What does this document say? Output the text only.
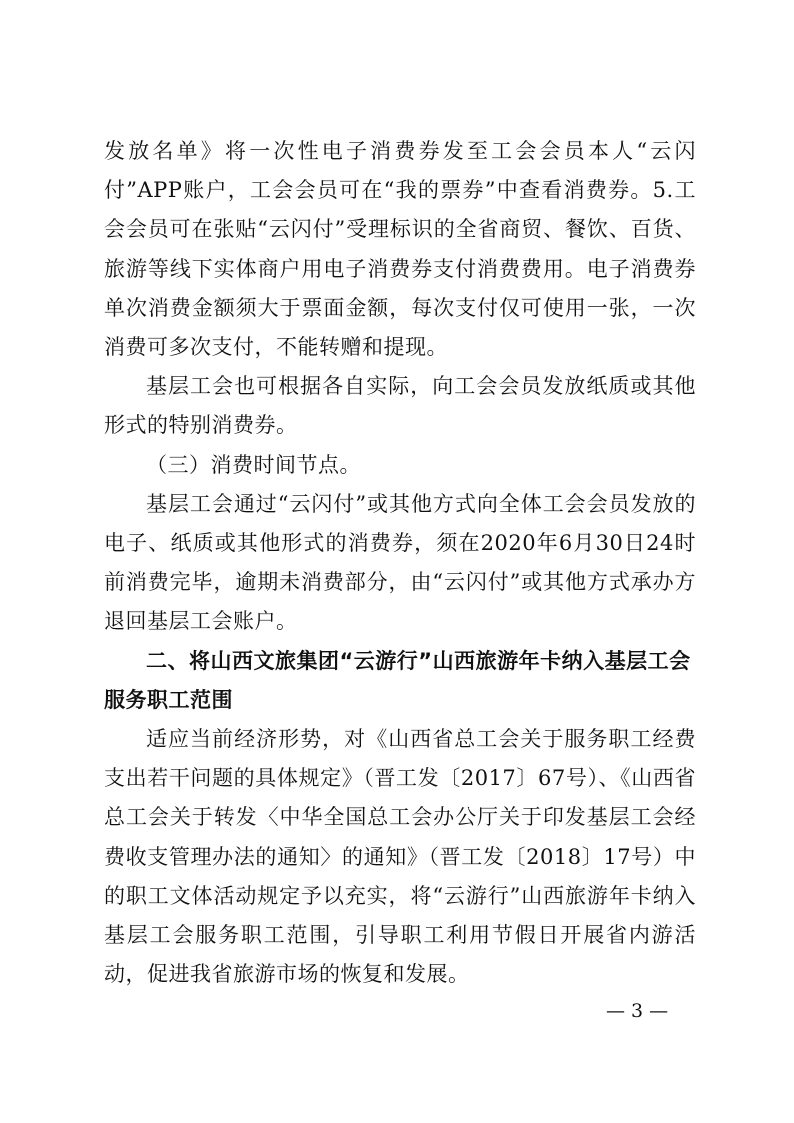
发放名单》将一次性电子消费券发至工会会员本人“云闪付”APP账户，工会会员可在“我的票券”中查看消费券。5.工会会员可在张贴“云闪付”受理标识的全省商贸、餐饮、百货、旅游等线下实体商户用电子消费券支付消费费用。电子消费券单次消费金额须大于票面金额，每次支付仅可使用一张，一次消费可多次支付，不能转赠和提现。

基层工会也可根据各自实际，向工会会员发放纸质或其他形式的特别消费券。

（三）消费时间节点。

基层工会通过“云闪付”或其他方式向全体工会会员发放的电子、纸质或其他形式的消费券，须在2020年6月30日24时前消费完毕，逾期未消费部分，由“云闪付”或其他方式承办方退回基层工会账户。

二、将山西文旅集团“云游行”山西旅游年卡纳入基层工会服务职工范围

适应当前经济形势，对《山西省总工会关于服务职工经费支出若干问题的具体规定》（晋工发〔2017〕67号）、《山西省总工会关于转发〈中华全国总工会办公厅关于印发基层工会经费收支管理办法的通知〉的通知》（晋工发〔2018〕17号）中的职工文体活动规定予以充实，将“云游行”山西旅游年卡纳入基层工会服务职工范围，引导职工利用节假日开展省内游活动，促进我省旅游市场的恢复和发展。

— 3 —
